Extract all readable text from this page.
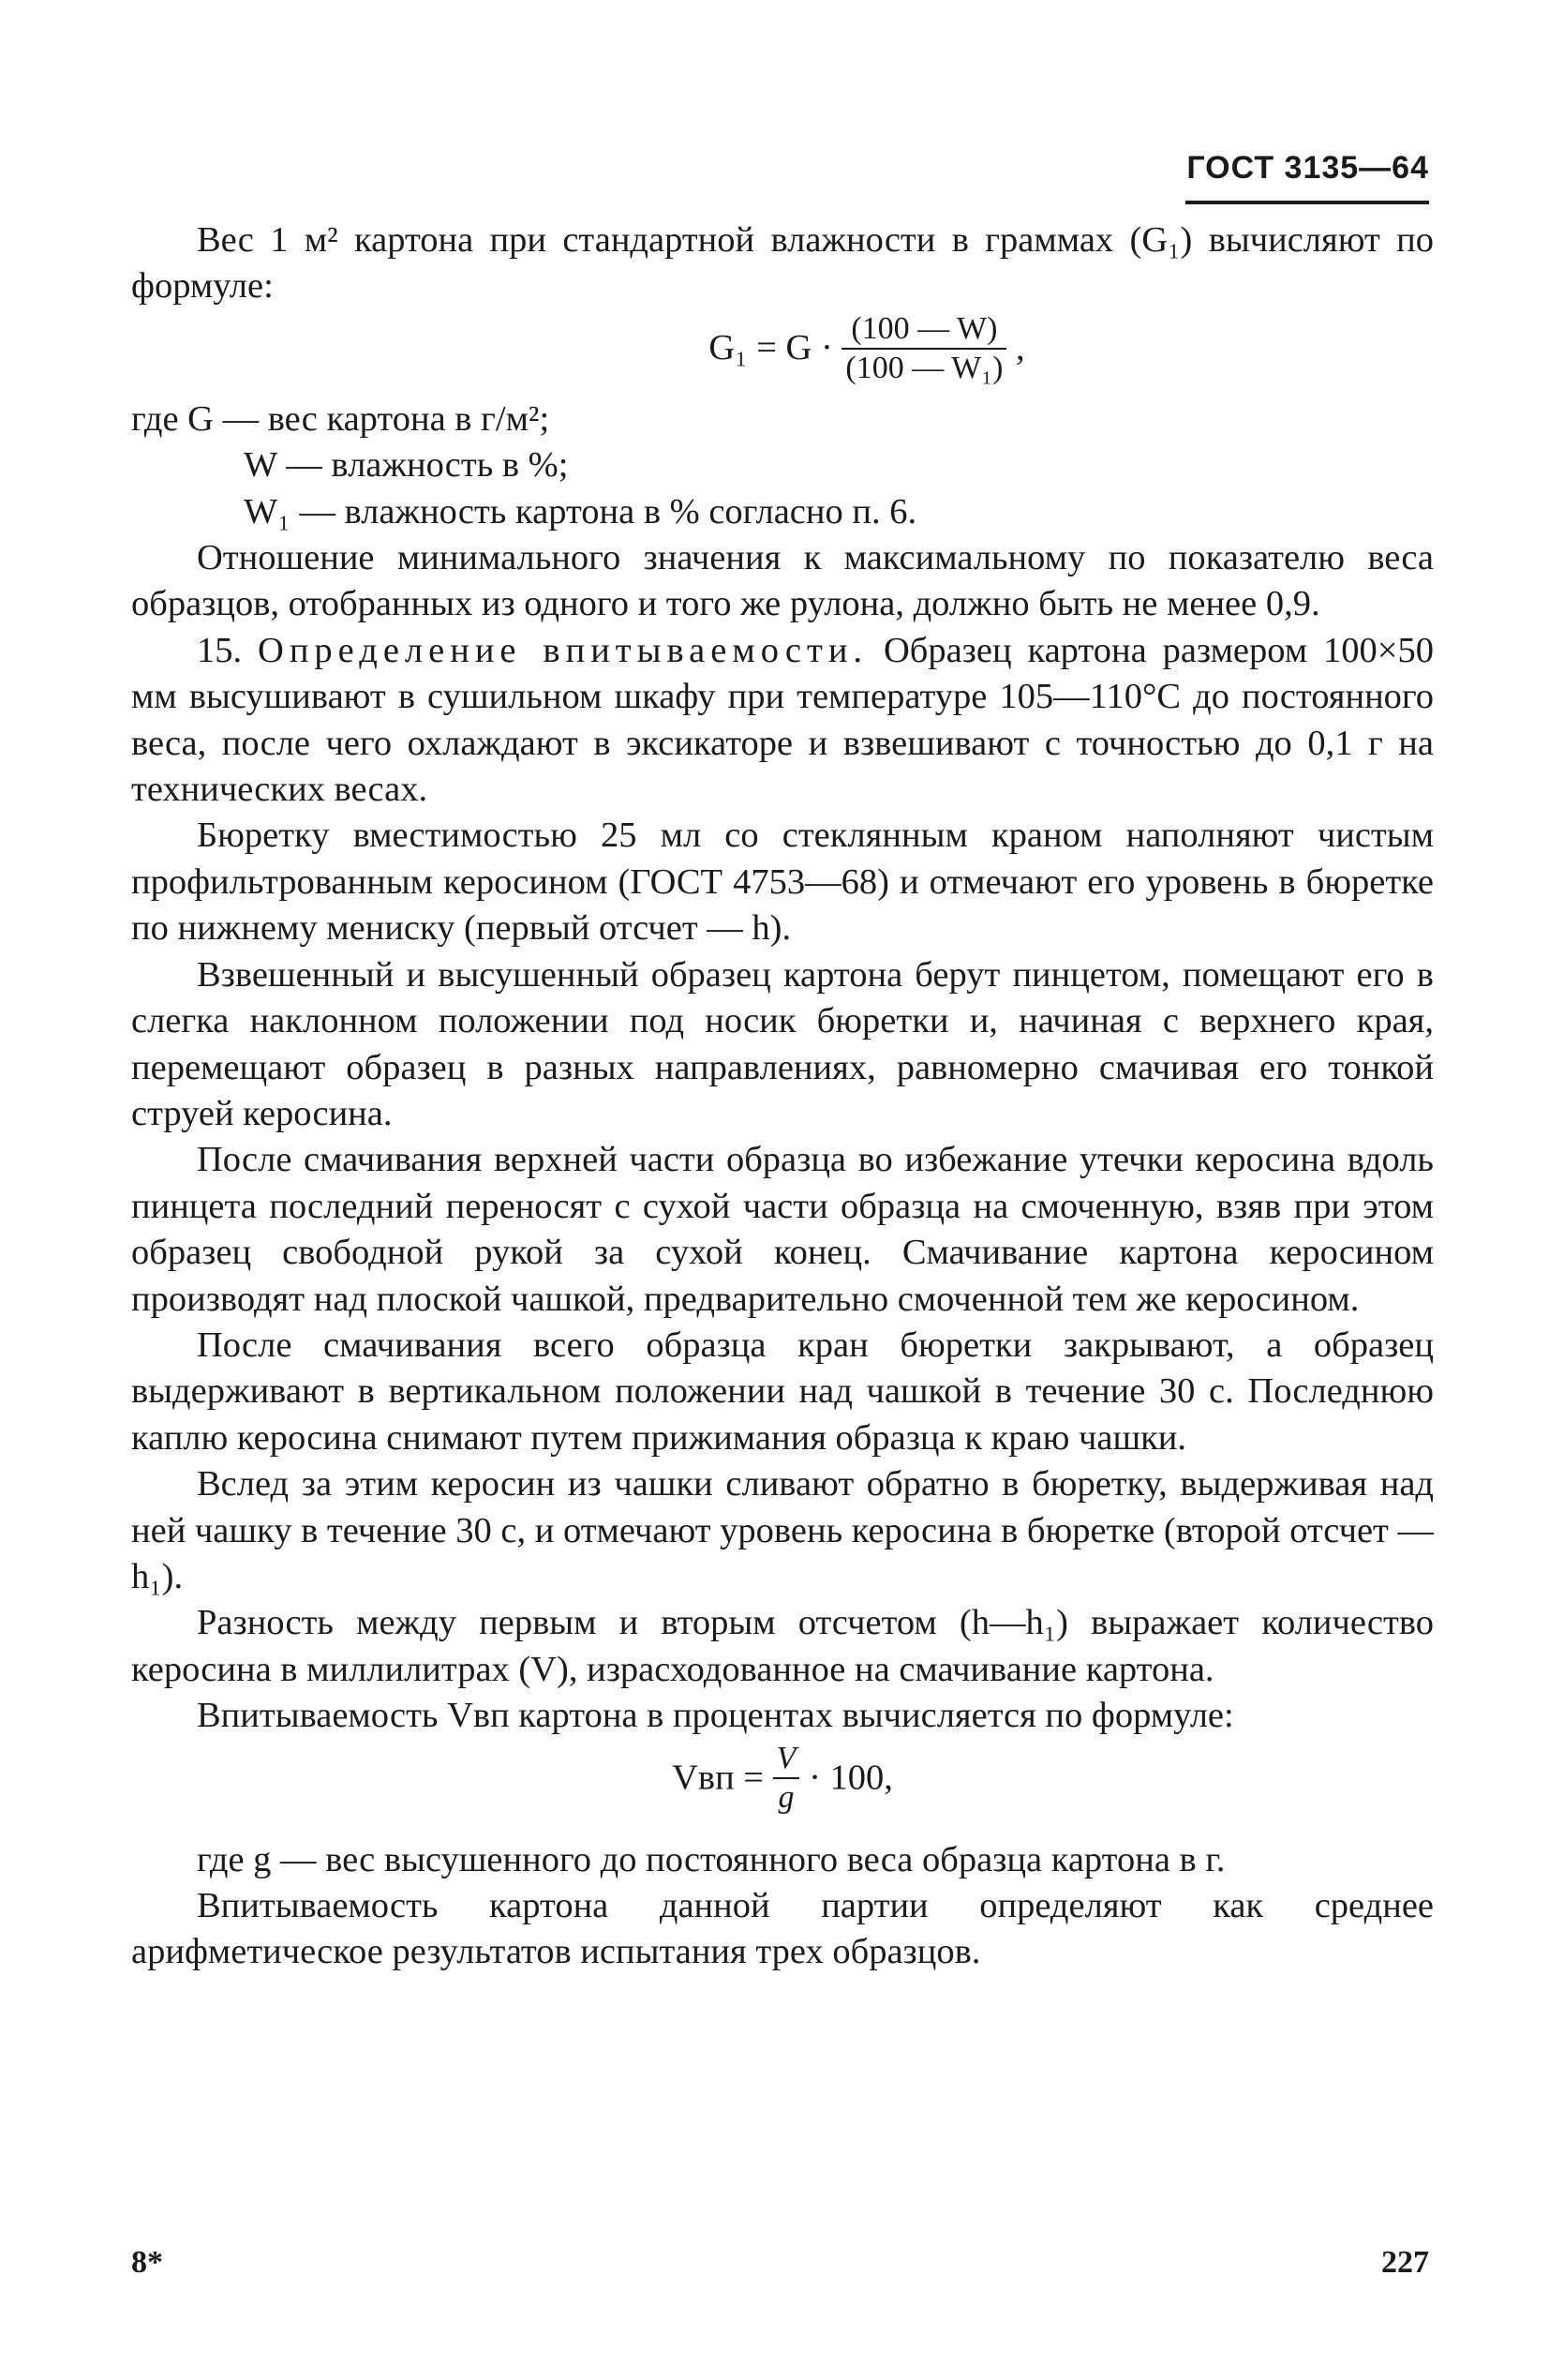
ГОСТ 3135—64

Вес 1 м² картона при стандартной влажности в граммах (G₁) вычисляют по формуле:

$G_1 = G \cdot \frac{(100 — W)}{\text{(100 — W₁)}}$ ,

где G — вес картона в г/м²;

W — влажность в %;

W₁ — влажность картона в % согласно п. 6.

Отношение минимального значения к максимальному по показателю веса образцов, отобранных из одного и того же рулона, должно быть не менее 0,9.

15. Определение впитываемости. Образец картона размером 100×50 мм высушивают в сушильном шкафу при температуре 105—110°С до постоянного веса, после чего охлаждают в эксикаторе и взвешивают с точностью до 0,1 г на технических весах.

Бюретку вместимостью 25 мл со стеклянным краном наполняют чистым профильтрованным керосином (ГОСТ 4753—68) и отмечают его уровень в бюретке по нижнему мениску (первый отсчет — h).

Взвешенный и высушенный образец картона берут пинцетом, помещают его в слегка наклонном положении под носик бюретки и, начиная с верхнего края, перемещают образец в разных направлениях, равномерно смачивая его тонкой струей керосина.

После смачивания верхней части образца во избежание утечки керосина вдоль пинцета последний переносят с сухой части образца на смоченную, взяв при этом образец свободной рукой за сухой конец. Смачивание картона керосином производят над плоской чашкой, предварительно смоченной тем же керосином.

После смачивания всего образца кран бюретки закрывают, а образец выдерживают в вертикальном положении над чашкой в течение 30 с. Последнюю каплю керосина снимают путем прижимания образца к краю чашки.

Вслед за этим керосин из чашки сливают обратно в бюретку, выдерживая над ней чашку в течение 30 с, и отмечают уровень керосина в бюретке (второй отсчет — h₁).

Разность между первым и вторым отсчетом (h—h₁) выражает количество керосина в миллилитрах (V), израсходованное на смачивание картона.

Впитываемость Vвп картона в процентах вычисляется по формуле:

Vвп = $\frac{V}{g} \cdot 100$,

где g — вес высушенного до постоянного веса образца картона в г.

Впитываемость картона данной партии определяют как среднее арифметическое результатов испытания трех образцов.

8*	227
